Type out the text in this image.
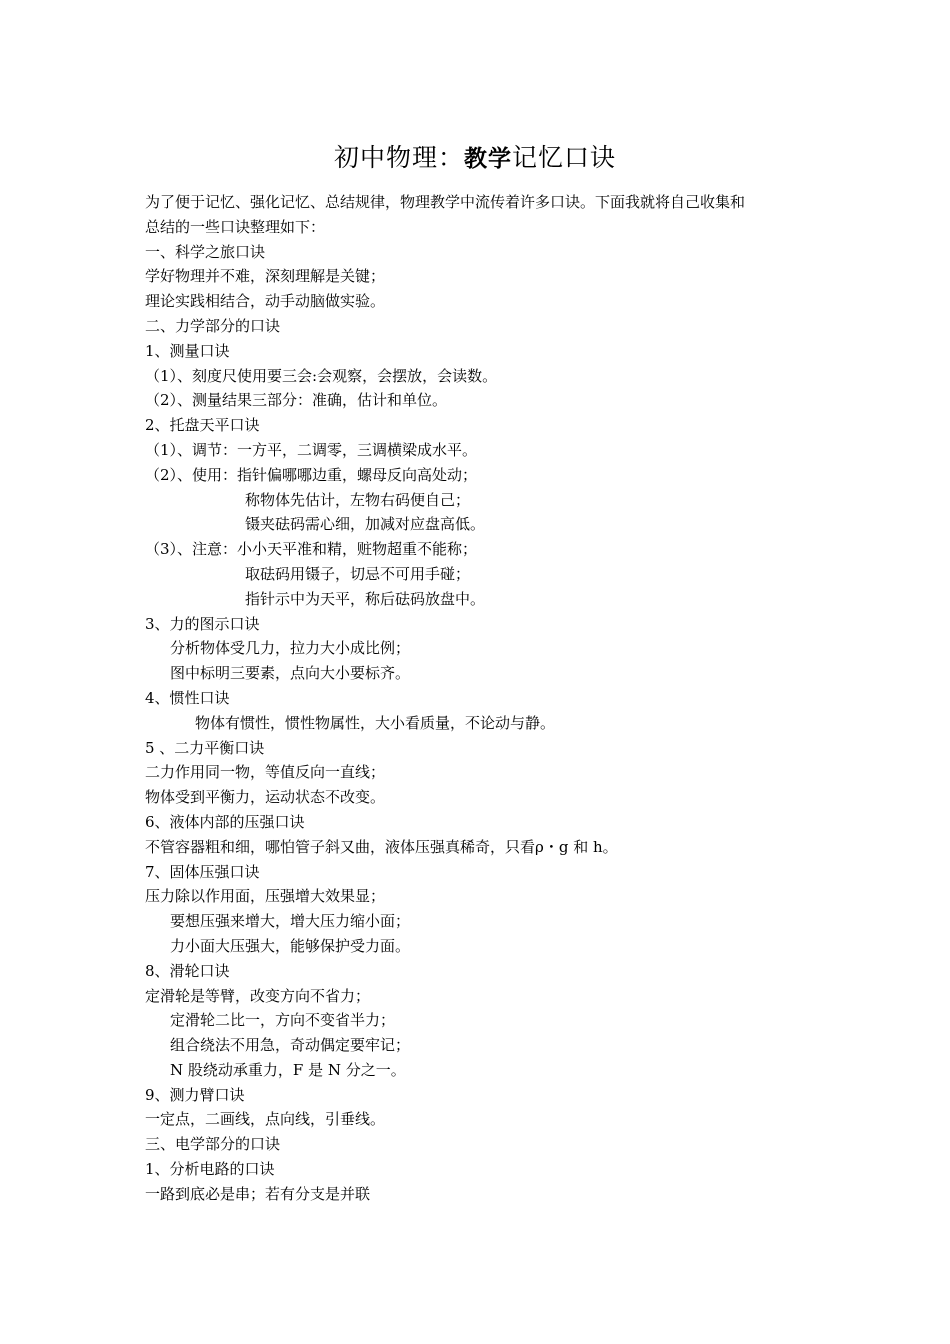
初中物理：教学记忆口诀
为了便于记忆、强化记忆、总结规律，物理教学中流传着许多口诀。下面我就将自己收集和
总结的一些口诀整理如下：
一、科学之旅口诀
学好物理并不难，深刻理解是关键；
理论实践相结合，动手动脑做实验。
二、力学部分的口诀
1、测量口诀
（1）、刻度尺使用要三会:会观察，会摆放，会读数。
（2）、测量结果三部分：准确，估计和单位。
2、托盘天平口诀
（1）、调节：一方平，二调零，三调横梁成水平。
（2）、使用：指针偏哪哪边重，螺母反向高处动；
称物体先估计，左物右码便自己；
镊夹砝码需心细，加减对应盘高低。
（3）、注意：小小天平准和精，赃物超重不能称；
取砝码用镊子，切忌不可用手碰；
指针示中为天平，称后砝码放盘中。
3、力的图示口诀
分析物体受几力，拉力大小成比例；
图中标明三要素，点向大小要标齐。
4、惯性口诀
物体有惯性，惯性物属性，大小看质量，不论动与静。
5 、二力平衡口诀
二力作用同一物，等值反向一直线；
物体受到平衡力，运动状态不改变。
6、液体内部的压强口诀
不管容器粗和细，哪怕管子斜又曲，液体压强真稀奇，只看ρ・g 和 h。
7、固体压强口诀
压力除以作用面，压强增大效果显；
要想压强来增大，增大压力缩小面；
力小面大压强大，能够保护受力面。
8、滑轮口诀
定滑轮是等臂，改变方向不省力；
定滑轮二比一，方向不变省半力；
组合绕法不用急，奇动偶定要牢记；
N 股绕动承重力，F 是 N 分之一。
9、测力臂口诀
一定点，二画线，点向线，引垂线。
三、电学部分的口诀
1、分析电路的口诀
一路到底必是串；若有分支是并联
